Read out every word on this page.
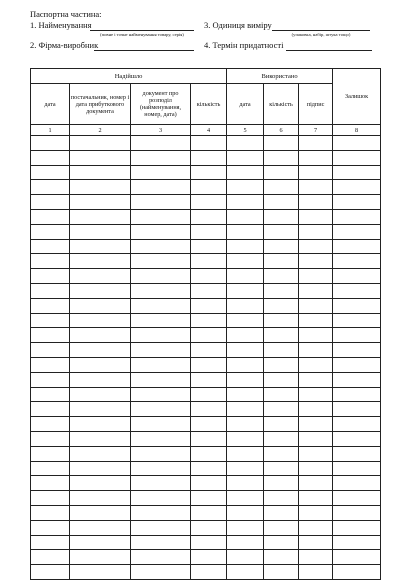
Паспортна частина:
1. Найменування
(повне і точне найменування товару, серія)
3. Одиниця виміру
(упаковка, набір, штука тощо)
2. Фірма-виробник	4. Термін придатності
Надійшло				Використано			Залишок
дата	постачальник, номер і дата прибуткового документа	документ про розподіл (найменування, номер, дата)	кількість	дата	кількість	підпис	
1	2	3	4	5	6	7	8
